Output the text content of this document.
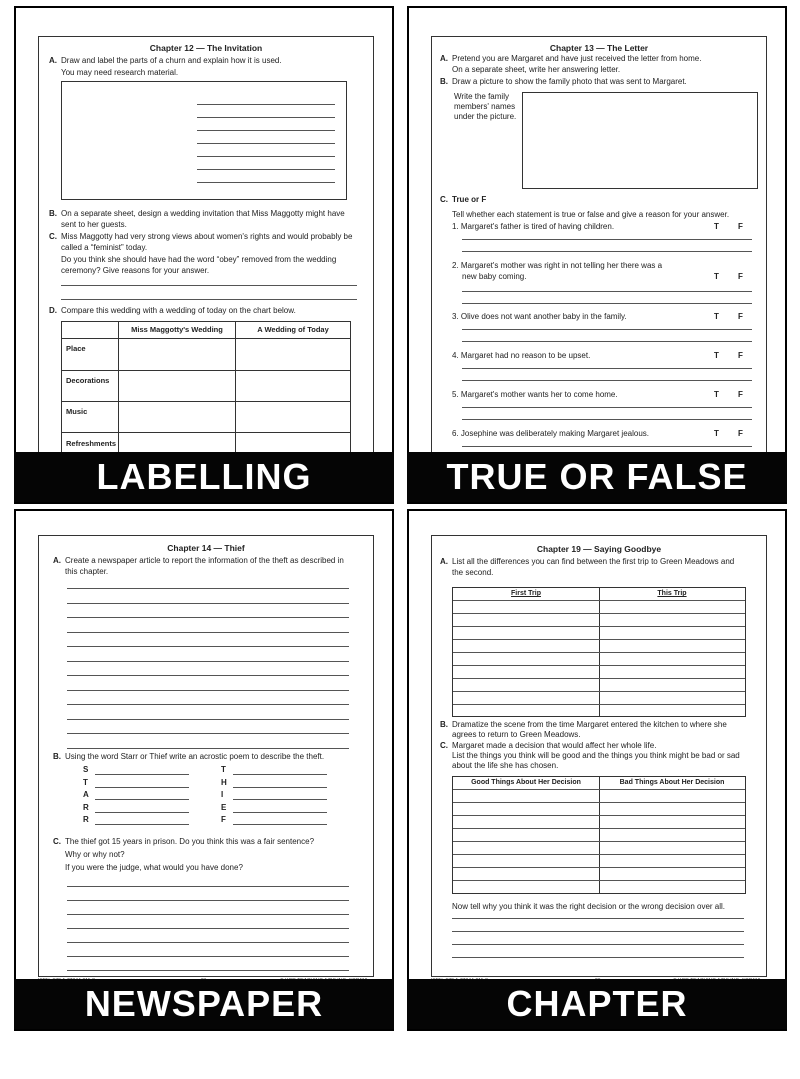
Chapter 12 — The Invitation
A. Draw and label the parts of a churn and explain how it is used.
You may need research material.
B. On a separate sheet, design a wedding invitation that Miss Maggotty might have
sent to her guests.
C. Miss Maggotty had very strong views about women's rights and would probably be
called a “feminist” today.
Do you think she should have had the word “obey” removed from the wedding
ceremony? Give reasons for your answer.
D. Compare this wedding with a wedding of today on the chart below.
Miss Maggotty's Wedding	A Wedding of Today
Place
Decorations
Music
Refreshments
LABELLING
Chapter 13 — The Letter
A. Pretend you are Margaret and have just received the letter from home.
On a separate sheet, write her answering letter.
B. Draw a picture to show the family photo that was sent to Margaret.
Write the family
members' names
under the picture.
C. True or F
Tell whether each statement is true or false and give a reason for your answer.
1. Margaret's father is tired of having children.	T F
2. Margaret's mother was right in not telling her there was a
new baby coming.	T F
3. Olive does not want another baby in the family.	T F
4. Margaret had no reason to be upset.	T F
5. Margaret's mother wants her to come home.	T F
6. Josephine was deliberately making Margaret jealous.	T F
TRUE OR FALSE
Chapter 14 — Thief
A. Create a newspaper article to report the information of the theft as described in
this chapter.
B. Using the word Starr or Thief write an acrostic poem to describe the theft.
S	T
T	H
A	I
R	E
R	F
C. The thief got 15 years in prison. Do you think this was a fair sentence?
Why or why not?
If you were the judge, what would you have done?
NEWSPAPER ARTICLE
Chapter 19 — Saying Goodbye
A. List all the differences you can find between the first trip to Green Meadows and
the second.
First Trip	This Trip
B. Dramatize the scene from the time Margaret entered the kitchen to where she
agrees to return to Green Meadows.
C. Margaret made a decision that would affect her whole life.
List the things you think will be good and the things you think might be bad or sad
about the life she has chosen.
Good Things About Her Decision	Bad Things About Her Decision
Now tell why you think it was the right decision or the wrong decision over all.
CHAPTER QUESTIONS
